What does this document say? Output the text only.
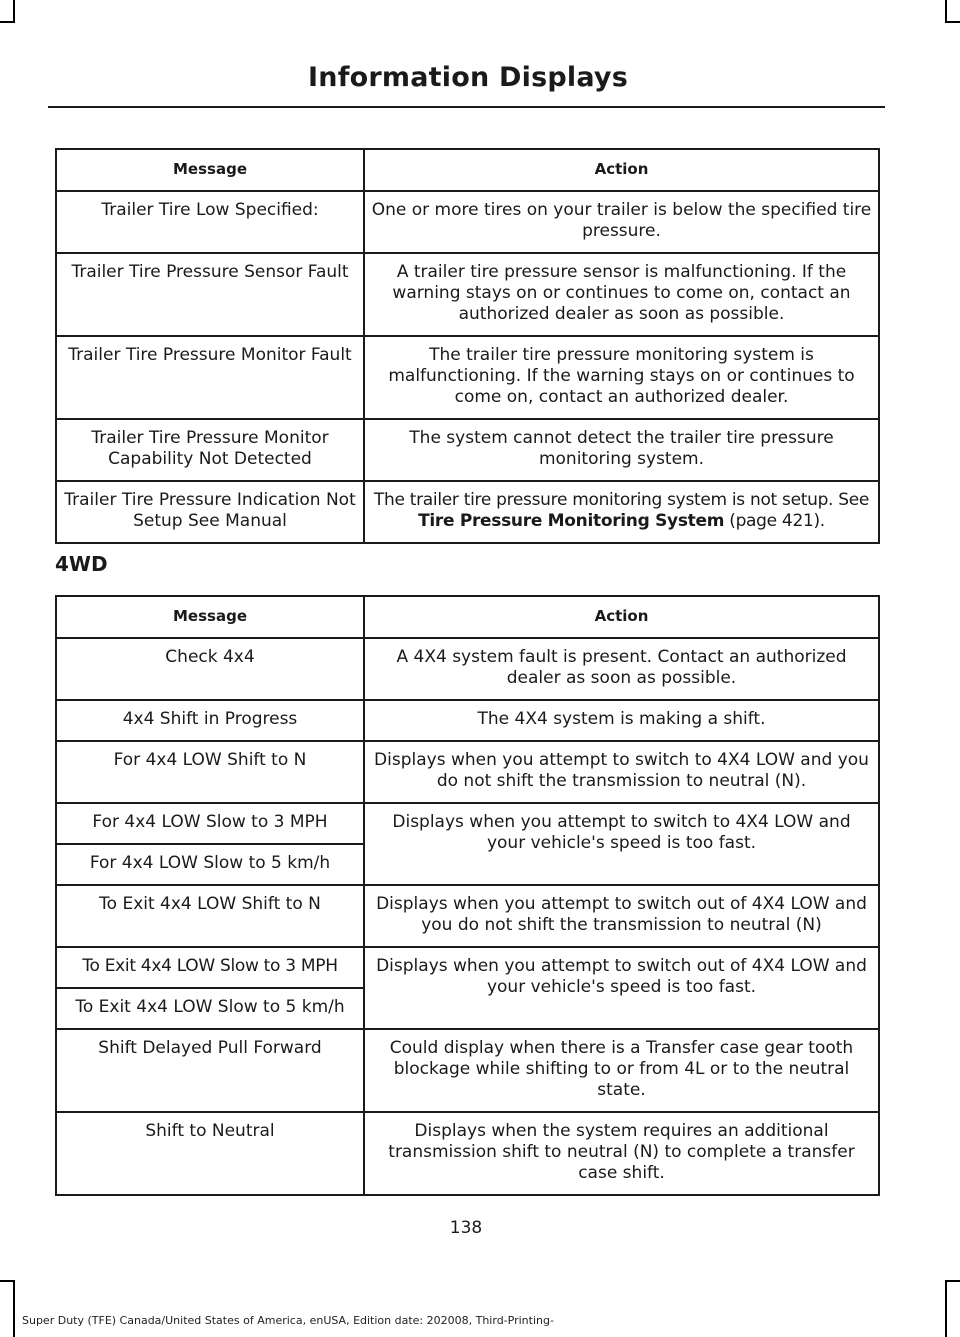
Information Displays
Message	Action
Trailer Tire Low Specified:	One or more tires on your trailer is below the specified tire pressure.
Trailer Tire Pressure Sensor Fault	A trailer tire pressure sensor is malfunctioning. If the warning stays on or continues to come on, contact an authorized dealer as soon as possible.
Trailer Tire Pressure Monitor Fault	The trailer tire pressure monitoring system is malfunctioning. If the warning stays on or continues to come on, contact an authorized dealer.
Trailer Tire Pressure Monitor Capability Not Detected	The system cannot detect the trailer tire pressure monitoring system.
Trailer Tire Pressure Indication Not Setup See Manual	The trailer tire pressure monitoring system is not setup. See Tire Pressure Monitoring System (page 421).
4WD
Message	Action
Check 4x4	A 4X4 system fault is present. Contact an authorized dealer as soon as possible.
4x4 Shift in Progress	The 4X4 system is making a shift.
For 4x4 LOW Shift to N	Displays when you attempt to switch to 4X4 LOW and you do not shift the transmission to neutral (N).
For 4x4 LOW Slow to 3 MPH	Displays when you attempt to switch to 4X4 LOW and your vehicle's speed is too fast.
For 4x4 LOW Slow to 5 km/h	
To Exit 4x4 LOW Shift to N	Displays when you attempt to switch out of 4X4 LOW and you do not shift the transmission to neutral (N)
To Exit 4x4 LOW Slow to 3 MPH	Displays when you attempt to switch out of 4X4 LOW and your vehicle's speed is too fast.
To Exit 4x4 LOW Slow to 5 km/h	
Shift Delayed Pull Forward	Could display when there is a Transfer case gear tooth blockage while shifting to or from 4L or to the neutral state.
Shift to Neutral	Displays when the system requires an additional transmission shift to neutral (N) to complete a transfer case shift.
138
Super Duty (TFE) Canada/United States of America, enUSA, Edition date: 202008, Third-Printing-
